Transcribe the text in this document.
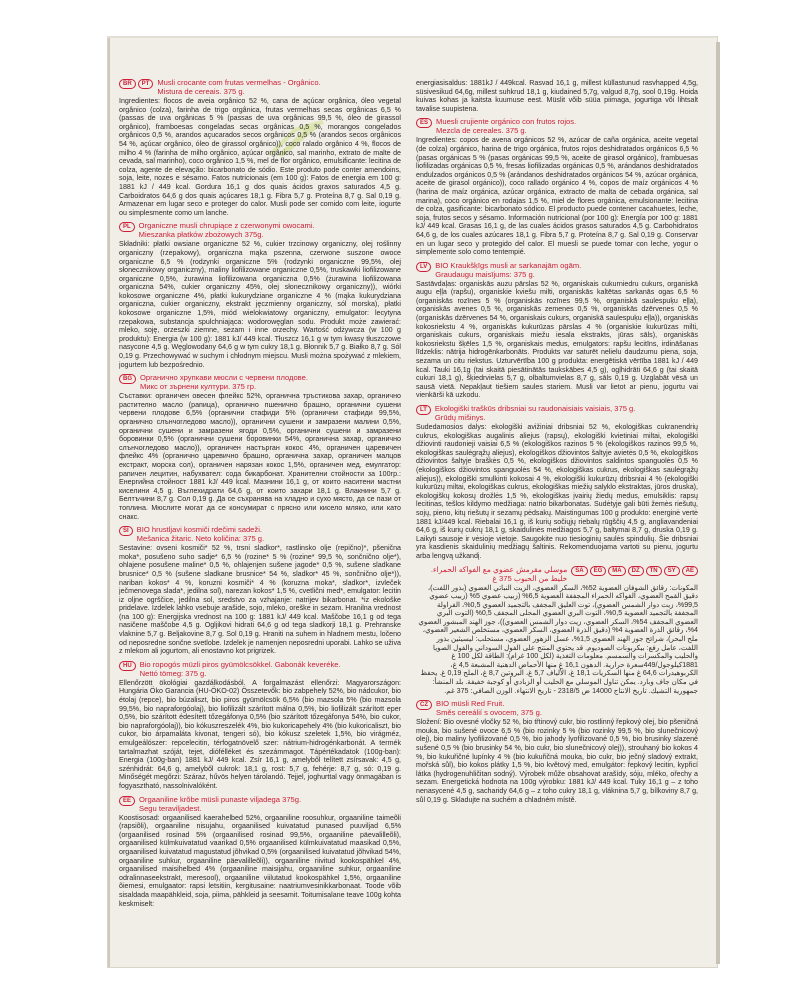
BR	PT	Musli crocante com frutas vermelhas - Orgânico.
Mistura de cereais. 375 g.
Ingredientes: flocos de aveia orgânico 52 %, cana de açúcar orgânica, óleo vegetal orgânico (colza), farinha de trigo orgânica, frutas vermelhas secas orgânicas 6,5 % (passas de uva orgânicas 5 % (passas de uva orgânicas 99,5 %, óleo de girassol orgânico), framboesas congeladas secas orgânicas 0,5 %, morangos congelados orgânicos 0,5 %, arandos açucarados secos orgânicos 0,5 % (arandos secos orgânicos 54 %, açúcar orgânico, óleo de girassol orgânico)), coco ralado orgânico 4 %, flocos de milho 4 % (farinha de milho orgânico, açúcar orgânico, sal marinho, extrato de malte de cevada, sal marinho), coco orgânico 1,5 %, mel de flor orgânico, emulsificante: lecitina de colza, agente de elevação: bicarbonato de sódio. Este produto pode conter amendoins, soja, leite, nozes e sésamo. Fatos nutricionais (em 100 g): Fatos de energia em 100 g: 1881 kJ / 449 kcal. Gordura 16,1 g dos quais ácidos graxos saturados 4,5 g. Carboidratos 64,6 g dos quais açúcares 18,1 g. Fibra 5,7 g. Proteína 8,7 g. Sal 0,19 g. Armazenar em lugar seco e proteger do calor. Musli pode ser comido com leite, iogurte ou simplesmente como um lanche.
PL	Organiczne musli chrupiące z czerwonymi owocami.
Mieszanka płatków zbożowych 375g.
Składniki: płatki owsiane organiczne 52 %, cukier trzcinowy organiczny, olej roślinny organiczny (rzepakowy), organiczna mąka pszenna, czerwone suszone owoce organiczne 6,5 % (rodzynki organiczne 5% (rodzynki organiczne 99,5%, olej słonecznikowy organiczny), maliny liofilizowane organiczne 0,5%, truskawki liofilizowane organiczne 0,5%, żurawina liofilizowana organiczna 0,5% (żurawina liofilizowana organiczna 54%, cukier organiczny 45%, olej słonecznikowy organiczny)), wiórki kokosowe organiczne 4%, płatki kukurydziane organiczne 4 % (mąka kukurydziana organiczna, cukier organiczny, ekstrakt jęczmienny organiczny, sól morska), płatki kokosowe organiczne 1,5%, miód wielokwiatowy organiczny, emulgator: lecytyna rzepakowa, substancja spulchniająca: wodorowęglan sodu. Produkt może zawierać: mleko, soję, orzeszki ziemne, sezam i inne orzechy. Wartość odżywcza (w 100 g produktu): Energia (w 100 g): 1881 kJ/ 449 kcal. Tłuszcz 16,1 g w tym kwasy tłuszczowe nasycone 4,5 g. Węglowodany 64,6 g w tym cukry 18,1 g. Błonnik 5,7 g. Białko 8,7 g. Sól 0,19 g. Przechowywać w suchym i chłodnym miejscu. Musli można spożywać z mlekiem, jogurtem lub bezpośrednio.
BG	Органично хрупкави мюсли с червени плодове.
Микс от зърнени култури. 375 гр.
Съставки: органичен овесен флейкс 52%, органична тръстикова захар, органично растително масло (рапица), органично пшенично брашно, органични сушени червени плодове 6,5% (органични стафиди 5% (органични стафиди 99,5%, органично слънчогледово масло)), органични сушени и замразени малини 0,5%, органични сушени и замразени ягоди 0,5%, органични сушени и замразени боровинки 0,5% (органични сушени боровинки 54%, органична захар, органично слънчогледово масло)), органичен настърган кокос 4%, органичен царевичен флейкс 4% (органично царевично брашно, органична захар, органичен малцов екстракт, морска сол), органичен нарязан кокос 1,5%, органичен мед, емулгатор: рапичен лецитин, набухвател: сода бикарбонат. Хранителни стойности за 100гр.: Енергийна стойност 1881 kJ/ 449 kcal. Мазнини 16,1 g, от които наситени мастни киселини 4,5 g. Въглехидрати 64,6 g, от които захари 18,1 g. Влакнини 5,7 g. Белтъчини 8,7 g. Сол 0,19 g. Да се съхранява на хладно и сухо място, да се пази от топлина. Мюслите могат да се консумират с прясно или кисело мляко, или като снакс.
SI	BIO hrustljavi kosmiči rdečimi sadeži.
Mešanica žitaric. Neto količina: 375 g.
Sestavine: ovseni kosmiči* 52 %, trsni sladkor*, rastlinsko olje (repično)*, pšenična moka*, posušeno suho sadje* 6,5 % (rozine* 5 % (rozine* 99,5 %, sončnično olje*), ohlajene posušene maline* 0,5 %, ohlajenjen sušene jagode* 0,5 %, sušene sladkane brusnice* 0,5 % (sušene sladkane brusnice* 54 %, sladkor* 45 %, sončnično olje*)), nariban kokos* 4 %, koruzni kosmiči* 4 % (koruzna moka*, sladkor*, izvleček ječmenovega slada*, jedilna sol), narezan kokos* 1,5 %, cvetlični med*, emulgator: lecitin iz oljne ogrščice, jedilna sol, sredstvo za vzhajanje: natrijev bikarbonat. *iz ekološke pridelave. Izdelek lahko vsebuje arašide, sojo, mleko, oreške in sezam. Hranilna vrednost (na 100 g): Energijska vrednost na 100 g: 1881 kJ/ 449 kcal. Maščobe 16,1 g od tega nasičene maščobe 4,5 g. Ogljikovi hidrati 64,6 g od tega sladkorji 18,1 g. Prehranske vlaknine 5,7 g. Beljakovine 8,7 g. Sol 0,19 g. Hraniti na suhem in hladnem mestu, ločeno od neposredne sončne svetlobe. Izdelek je namenjen neposredni uporabi. Lahko se uživa z mlekom ali jogurtom, ali enostavno kot prigrizek.
HU	Bio ropogós müzli piros gyümölcsökkel. Gabonák keveréke.
Nettó tömeg: 375 g.
Ellenőrzött ökológiai gazdálkodásból. A forgalmazást ellenőrzi: Magyarországon: Hungária Öko Garancia (HU-ÖKO-02) Összetevők: bio zabpehely 52%, bio nádcukor, bio étolaj (repce), bio búzaliszt, bio piros gyümölcsök 6,5% (bio mazsola 5% (bio mazsola 99,5%, bio napraforgóolaj), bio liofilizált szárított málna 0,5%, bio liofilizált szárított eper 0,5%, bio szárított édesített tőzegáfonya 0,5% (bio szárított tőzegáfonya 54%, bio cukor, bio napraforgóolaj)), bio kókuszreszelék 4%, bio kukoricapehely 4% (bio kukoricaliszt, bio cukor, bio árpamaláta kivonat, tengeri só), bio kókusz szeletek 1,5%, bio virágméz, emulgeálószer: repcelecitin, térfogatnövelő szer: nátrium-hidrogénkarbonát. A termék tartalmazhat szóját, tejet, diófélléket és szezámmagot. Tápértékadatok (100g-ban): Energia (100g-ban) 1881 kJ/ 449 kcal. Zsír 16,1 g, amelyből telített zsírsavak: 4,5 g, szénhidrát: 64,6 g, amelyből cukrok: 18,1 g, rost: 5,7 g, fehérje: 8,7 g, só: 0,19 g. Minőségét megőrzi: Száraz, hűvös helyen tárolandó. Tejjel, joghurttal vagy önmagában is fogyasztható, nassolnivalóként.
EE	Orgaaniline krõbe müsli punaste viljadega 375g.
Segu teraviljadest.
Koostisosad: orgaanilised kaerahelbed 52%, orgaaniline roosuhkur, orgaaniline taimeõli (rapsiõli), orgaaniline nisujahu, orgaanilised kuivatatud punased puuviljad 6,5% (orgaanilised rosinad 5% (orgaanilised rosinad 99,5%, orgaaniline päevalilleõli), orgaanilised külmkuivatatud vaarikad 0,5% orgaanilised külmkuivatatud maasikad 0,5%, orgaanilised kuivatatud magustatud jõhvikad 0,5% (orgaanilised kuivatatud jõhvikad 54%, orgaaniline suhkur, orgaaniline päevalilleõli)), orgaaniline riivitud kookospähkel 4%, orgaanilised maisihelbed 4% (orgaaniline maisijahu, orgaaniline suhkur, orgaaniline odralinnaseekstrakt, meresool), orgaaniline viilutatud kookospähkel 1,5%, orgaaniline õiemesi, emulgaator: rapsi letsitiin, kergitusaine: naatriumvesinikkarbonaat. Toode võib sisaldada maapähkleid, soja, piima, pähkleid ja seesamit. Toitumisalane teave 100g kohta keskmiselt:
energiasisaldus: 1881kJ / 449kcal. Rasvad 16,1 g, millest küllastunud rasvhapped 4,5g, süsivesikud 64,6g, millest suhkrud 18,1 g, kiudained 5,7g, valgud 8,7g, sool 0,19g. Hoida kuivas kohas ja kaitsta kuumuse eest. Müslit võib süüa piimaga, jogurtiga või lihtsalt tavalise suupistena.
ES	Muesli crujiente orgánico con frutos rojos.
Mezcla de cereales. 375 g.
Ingredientes: copos de avena orgánicos 52 %, azúcar de caña orgánica, aceite vegetal (de colza) orgánico, harina de trigo orgánica, frutos rojos deshidratados orgánicos 6,5 % (pasas orgánicas 5 % (pasas orgánicas 99,5 %, aceite de girasol orgánico), frambuesas liofilizadas orgánicas 0,5 %, fresas liofilizadas orgánicas 0,5 %, arándanos deshidratados endulzados orgánicos 0,5 % (arándanos deshidratados orgánicos 54 %, azúcar orgánica, aceite de girasol orgánico)), coco rallado orgánico 4 %, copos de maíz orgánicos 4 % (harina de maíz orgánica, azúcar orgánica, extracto de malta de cebada orgánica, sal marina), coco orgánico en rodajas 1,5 %, miel de flores orgánica, emulsionante: lecitina de colza, gasificante: bicarbonato sódico. El producto puede contener cacahuetes, leche, soja, frutos secos y sésamo. Información nutricional (por 100 g): Energía por 100 g: 1881 kJ/ 449 kcal. Grasas 16,1 g, de las cuales ácidos grasos saturados 4,5 g. Carbohidratos 64,6 g, de los cuales azúcares 18,1 g. Fibra 5,7 g. Proteína 8,7 g. Sal 0,19 g. Conservar en un lugar seco y protegido del calor. El muesli se puede tomar con leche, yogur o simplemente solo como tentempié.
LV	BIO Kraukšķīgs musli ar sarkanajām ogām.
Graudaugu maisījums: 375 g.
Sastāvdaļas: organiskās auzu pārslas 52 %, organiskais cukurniedru cukurs, organiskā augu eļļa (rapšu), organiskie kviešu milti, organiskās kaltētas sarkanās ogas 6,5 % (organiskās rozīnes 5 % (organiskās rozīnes 99,5 %, organiskā saulespuķu eļļa), organiskās avenes 0,5 %, organiskās zemenes 0,5 %, organiskās dzērvenes 0,5 % (organiskās dzērvenes 54 %, organiskais cukurs, organiskā saulespuķu eļļa)), organiskās kokosriekstu 4 %, organiskās kukurūzas pārslas 4 % (organiskie kukurūzas milti, organiskais cukurs, organiskais miežu iesala ekstrakts, jūras sāls), organiskās kokosriekstu šķēles 1,5 %, organiskais medus, emulgators: rapšu lecitīns, irdināšanas līdzeklis: nātrija hidrogēnkarbonāts. Produkts var saturēt nelielu daudzumu piena, soja, sezama un citu riekstus. Uzturvērtība 100 g produkta: energētiskā vērtība 1881 kJ / 449 kcal. Tauki 16,1g (tai skaitā piesātinātās taukskābes 4,5 g), ogļhidrāti 64,6 g (tai skaitā cukuri 18,1 g), šķiedrvielas 5,7 g, olbaltumvielas 8,7 g, sāls 0,19 g. Uzglabāt vēsā un sausā vietā. Nepakļaut tiešiem saules stariem. Musli var lietot ar pienu, jogurtu vai vienkārši kā uzkodu.
LT	Ekologiški traškūs dribsniai su raudonaisiais vaisiais, 375 g.
Grūdų mišinys.
Sudedamosios dalys: ekologiški avižiniai dribsniai 52 %, ekologiškas cukranendrių cukrus, ekologiškas augalinis aliejus (rapsų), ekologiški kvietiniai miltai, ekologiški džiovinti raudonieji vaisiai 6,5 % (ekologiškos razinos 5 % (ekologiškos razinos 99,5 %, ekologiškas saulėgrąžų aliejus), ekologiškos džiovintos šaltyje avietės 0,5 %, ekologiškos džiovintos šaltyje braškės 0,5 %, ekologiškos džiovintos saldintos spanguolės 0,5 % (ekologiškos džiovintos spanguolės 54 %, ekologiškas cukrus, ekologiškas saulėgrąžų aliejus)), ekologiški smulkinti kokosai 4 %, ekologiški kukurūzų dribsniai 4 % (ekologiški kukurūzų miltai, ekologiškas cukrus, ekologiškas miežių salyklo ekstraktas, jūros druska), ekologiškų kokosų drožlės 1,5 %, ekologiškas įvairių žiedų medus, emulsiklis: rapsų lecitinas, tešlos kildymo medžiaga: natrio bikarbonatas. Sudėtyje gali būti žemės riešutų, sojų, pieno, kitų riešutų ir sezamų pėdsakų. Maistingumas 100 g produkto: energinė vertė 1881 kJ/449 kcal. Riebalai 16,1 g, iš kurių sočiųjų riebalų rūgščių 4,5 g, angliavandeniai 64,6 g, iš kurių cukrų 18,1 g, skaidulinės medžiagos 5,7 g, baltymai 8,7 g, druska 0,19 g. Laikyti sausoje ir vėsioje vietoje. Saugokite nuo tiesioginių saulės spindulių. Šie dribsniai yra kasdienis skaidulinių medžiagų šaltinis. Rekomenduojama vartoti su pienu, jogurtu arba lengvą užkandį.
SA	EG	MA	DZ	TN	SY	AE
موسلي مقرمش عضوي مع الفواكه الحمراء. خليط من الحبوب 375 غ
المكونات: رقائق الشوفان العضوية 52%، السكر العضوي، الزيت النباتي العضوي (بذور اللفت)، دقيق القمح العضوي، الفواكه الحمراء المجففة العضوية 6,5% (زبيب عضوي 5% (زبيب عضوي 99,5%، زيت دوار الشمس العضوي)، توت العليق المجفف بالتجميد العضوي 0,5%، الفراولة المجففة بالتجميد العضوية 0,5%، التوت البري العضوي المحلى المجفف 0,5% (التوت البري العضوي المجفف 54%، السكر العضوي، زيت دوار الشمس العضوي))، جوز الهند المبشور العضوي 4%، رقائق الذرة العضوية 4% (دقيق الذرة العضوي، السكر العضوي، مستخلص الشعير العضوي، ملح البحر)، شرائح جوز الهند العضوي 1,5%، عسل الزهور العضوي، مستحلب: ليسيثين بذور اللفت، عامل رفع: بيكربونات الصوديوم. قد يحتوي المنتج على الفول السوداني والفول الصويا والحليب والمكسرات والسمسم. معلومات التغذية (لكل 100 غرام): الطاقة لكل 100 غ 1881كيلوجول/449سعرة حرارية. الدهون 16,1 غ منها الأحماض الدهنية المشبعة 4,5 غ، الكربوهيدرات 64,6 غ منها السكريات 18,1 غ، الألياف 5,7 غ، البروتين 8,7 غ، الملح 0,19 غ. يحفظ في مكان جاف وبارد. يمكن تناول الموسلي مع الحليب أو الزبادي أو كوجبة خفيفة. بلد المنشأ: جمهورية التشيك. تاريخ الانتاج 14000 ض 2318/5 - تاريخ الانتهاء. الوزن الصافي: 375 غم.
CZ	BIO müsli Red Fruit.
Směs cereálií s ovocem, 375 g.
Složení: Bio ovesné vločky 52 %, bio třtinový cukr, bio rostlinný řepkový olej, bio pšeničná mouka, bio sušené ovoce 6,5 % (bio rozinky 5 % (bio rozinky 99,5 %, bio slunečnicový olej), bio maliny lyofilizované 0,5 %, bio jahody lyofilizované 0,5 %, bio brusinky slazené sušené 0,5 % (bio brusinky 54 %, bio cukr, bio slunečnicový olej)), strouhaný bio kokos 4 %, bio kukuřičné lupínky 4 % (bio kukuřičná mouka, bio cukr, bio ječný sladový extrakt, mořská sůl), bio kokos plátky 1,5 %, bio květový med, emulgátor: řepkový lecitin, kypřicí látka (hydrogenuhličitan sodný). Výrobek může obsahovat arašídy, sóju, mléko, ořechy a sezam. Energetická hodnota na 100g výrobku: 1881 kJ/ 449 kcal. Tuky 16,1 g – z toho nenasycené 4,5 g, sacharidy 64,6 g – z toho cukry 18,1 g, vláknina 5,7 g, bílkoviny 8,7 g, sůl 0,19 g. Skladujte na suchém a chladném místě.
